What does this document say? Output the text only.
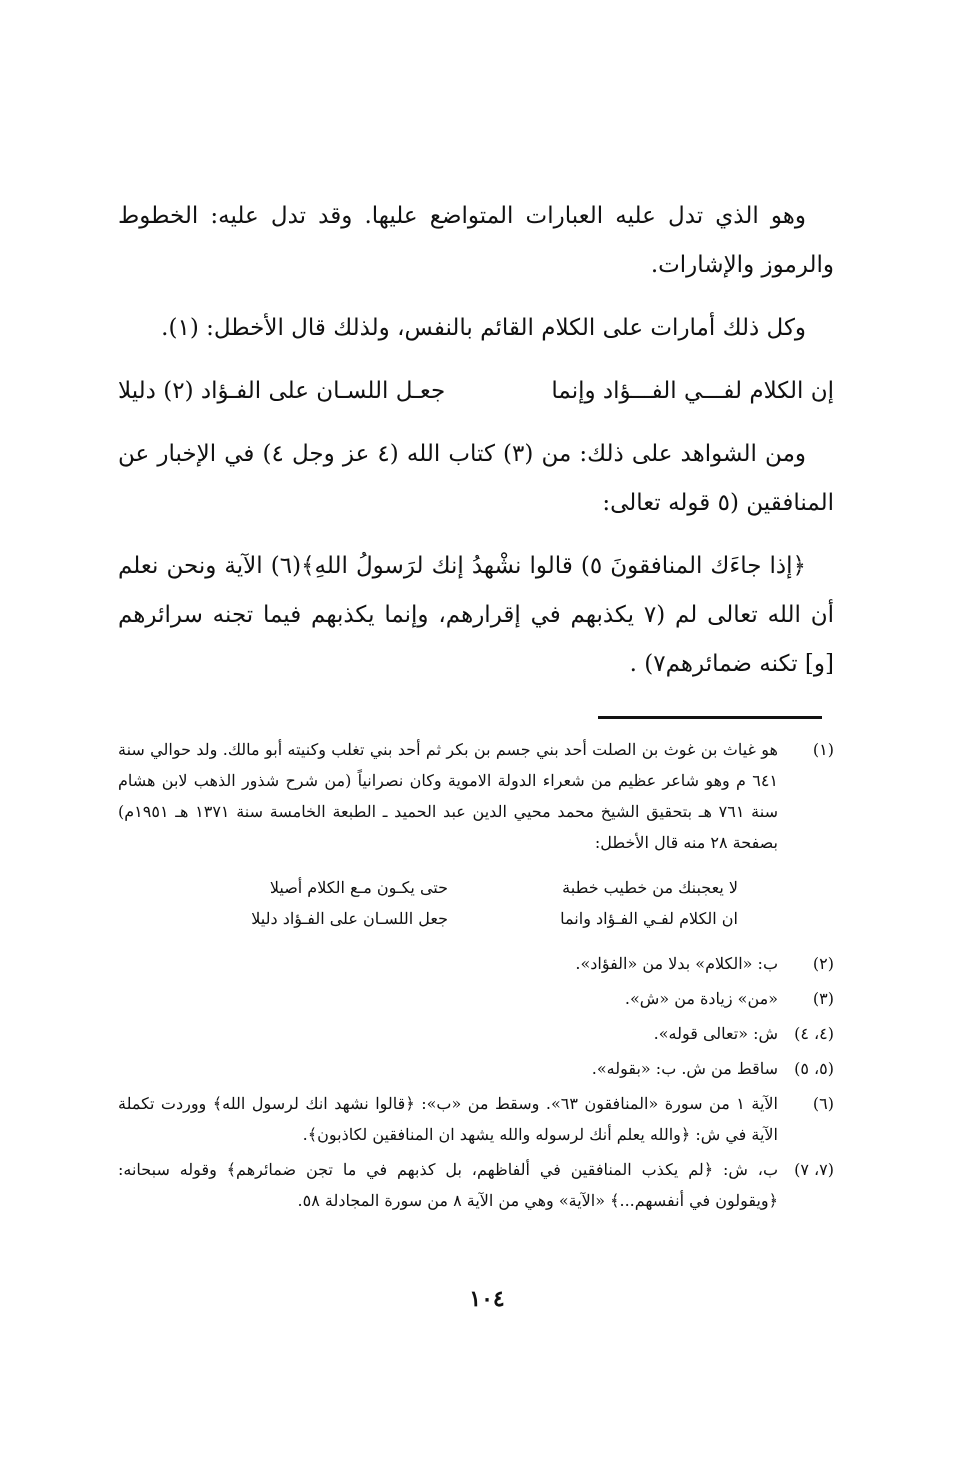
وهو الذي تدل عليه العبارات المتواضع عليها. وقد تدل عليه: الخطوط والرموز والإشارات.

وكل ذلك أمارات على الكلام القائم بالنفس، ولذلك قال الأخطل: (١).

إن الكلام لفـــي الفـــؤاد وإنما
جعـل اللسـان على الفـؤاد (٢) دليلا

ومن الشواهد على ذلك: من (٣) كتاب الله (٤ عز وجل ٤) في الإخبار عن المنافقين (٥ قوله تعالى:

﴿إذا جاءَك المنافقونَ ٥) قالوا نشْهدُ إنك لرَسولُ اللهِ﴾(٦) الآية ونحن نعلم أن الله تعالى لم (٧ يكذبهم في إقرارهم، وإنما يكذبهم فيما تجنه سرائرهم [و] تكنه ضمائرهم٧) .

(١)
هو غياث بن غوث بن الصلت أحد بني جسم بن بكر ثم أحد بني تغلب وكنيته أبو مالك. ولد حوالي سنة ٦٤١ م وهو شاعر عظيم من شعراء الدولة الاموية وكان نصرانياً (من شرح شذور الذهب لابن هشام سنة ٧٦١ هـ بتحقيق الشيخ محمد محيي الدين عبد الحميد ـ الطبعة الخامسة سنة ١٣٧١ هـ ١٩٥١م) بصفحة ٢٨ منه قال الأخطل:
لا يعجبنك من خطيب خطبة
حتى يكـون مـع الكلام أصيلا
ان الكلام لفـي الفـؤاد وانما
جعل اللسـان على الفـؤاد دليلا
(٢)
ب: «الكلام» بدلا من «الفؤاد».
(٣)
«من» زيادة من «ش».
(٤، ٤)
ش: «تعالى قوله».
(٥، ٥)
ساقط من ش. ب: «بقوله».
(٦)
الآية ١ من سورة «المنافقون ٦٣». وسقط من «ب»: ﴿قالوا نشهد انك لرسول الله﴾ ووردت تكملة الآية في ش: ﴿والله يعلم أنك لرسوله والله يشهد ان المنافقين لكاذبون﴾.
(٧، ٧)
ب، ش: ﴿لم يكذب المنافقين في ألفاظهم، بل كذبهم في ما تجن ضمائرهم﴾ وقوله سبحانه: ﴿ويقولون في أنفسهم...﴾ «الآية» وهي من الآية ٨ من سورة المجادلة ٥٨.
١٠٤
